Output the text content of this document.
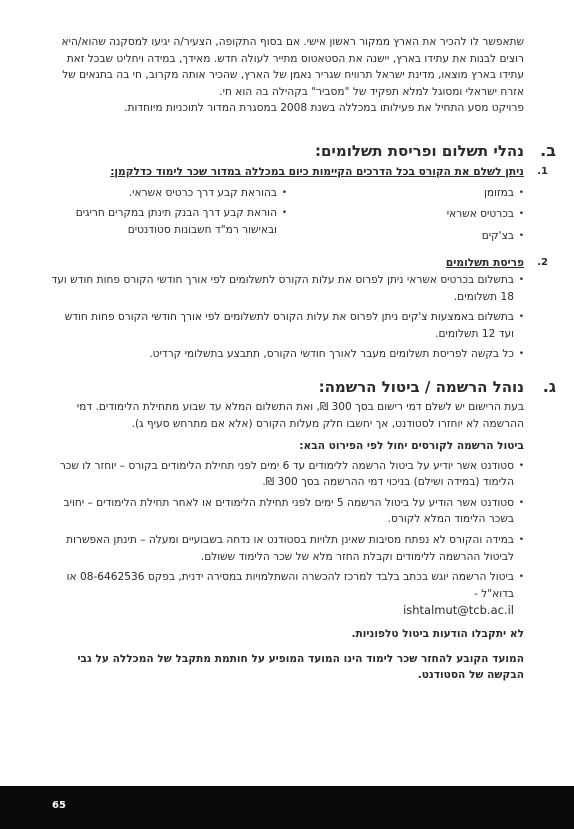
שתאפשר לו להכיר את הארץ ממקור ראשון אישי. אם בסוף התקופה, הצעיר/ה יגיעו למסקנה שהוא/היא רוצים לבנות את עתידו בארץ, יישנה את הסטאטוס מתייר לעולה חדש. מאידך, במידה ויחליט שבכל זאת עתידו בארץ מוצאו, מדינת ישראל תרוויח שגריר נאמן של הארץ, שהכיר אותה מקרוב, חי בה בתנאים של אזרח ישראלי ומסוגל למלא תפקיד של "מסביר" בקהילה בה הוא חי.

פרויקט מסע התחיל את פעילותו במכללה בשנת 2008 במסגרת המדור לתוכניות מיוחדות.

ב.
נהלי תשלום ופריסת תשלומים:
1.
ניתן לשלם את הקורס בכל הדרכים הקיימות כיום במכללה במדור שכר לימוד כדלקמן:
• במזומן
• בכרטיס אשראי
• בצ'קים
• בהוראת קבע דרך כרטיס אשראי.
• הוראת קבע דרך הבנק תינתן במקרים חריגים ובאישור רמ"ד חשבונות סטודנטים
2.
פריסת תשלומים
• בתשלום בכרטיס אשראי ניתן לפרוס את עלות הקורס לתשלומים לפי אורך חודשי הקורס פחות חודש ועד 18 תשלומים.
• בתשלום באמצעות צ'קים ניתן לפרוס את עלות הקורס לתשלומים לפי אורך חודשי הקורס פחות חודש ועד 12 תשלומים.
• כל בקשה לפריסת תשלומים מעבר לאורך חודשי הקורס, תתבצע בתשלומי קרדיט.
ג.
נוהל הרשמה / ביטול הרשמה:

בעת הרישום יש לשלם דמי רישום בסך 300 ₪, ואת התשלום המלא עד שבוע מתחילת הלימודים. דמי ההרשמה לא יוחזרו לסטודנט, אך יחשבו חלק מעלות הקורס (אלא אם מתרחש סעיף ג).

ביטול הרשמה לקורסים יחול לפי הפירוט הבא:

• סטודנט אשר יודיע על ביטול הרשמה ללימודים עד 6 ימים לפני תחילת הלימודים בקורס – יוחזר לו שכר הלימוד (במידה ושילם) בניכוי דמי ההרשמה בסך 300 ₪.
• סטודנט אשר הודיע על ביטול הרשמה 5 ימים לפני תחילת הלימודים או לאחר תחילת הלימודים – יחויב בשכר הלימוד המלא לקורס.
• במידה והקורס לא נפתח מסיבות שאינן תלויות בסטודנט או נדחה בשבועיים ומעלה – תינתן האפשרות לביטול ההרשמה ללימודים וקבלת החזר מלא של שכר הלימוד ששולם.
• ביטול הרשמה יוגש בכתב בלבד למרכז להכשרה והשתלמויות במסירה ידנית, בפקס 08-6462536 או בדוא"ל -
ishtalmut@tcb.ac.il

לא יתקבלו הודעות ביטול טלפוניות.

המועד הקובע להחזר שכר לימוד הינו המועד המופיע על חותמת מתקבל של המכללה על גבי הבקשה של הסטודנט.

65
